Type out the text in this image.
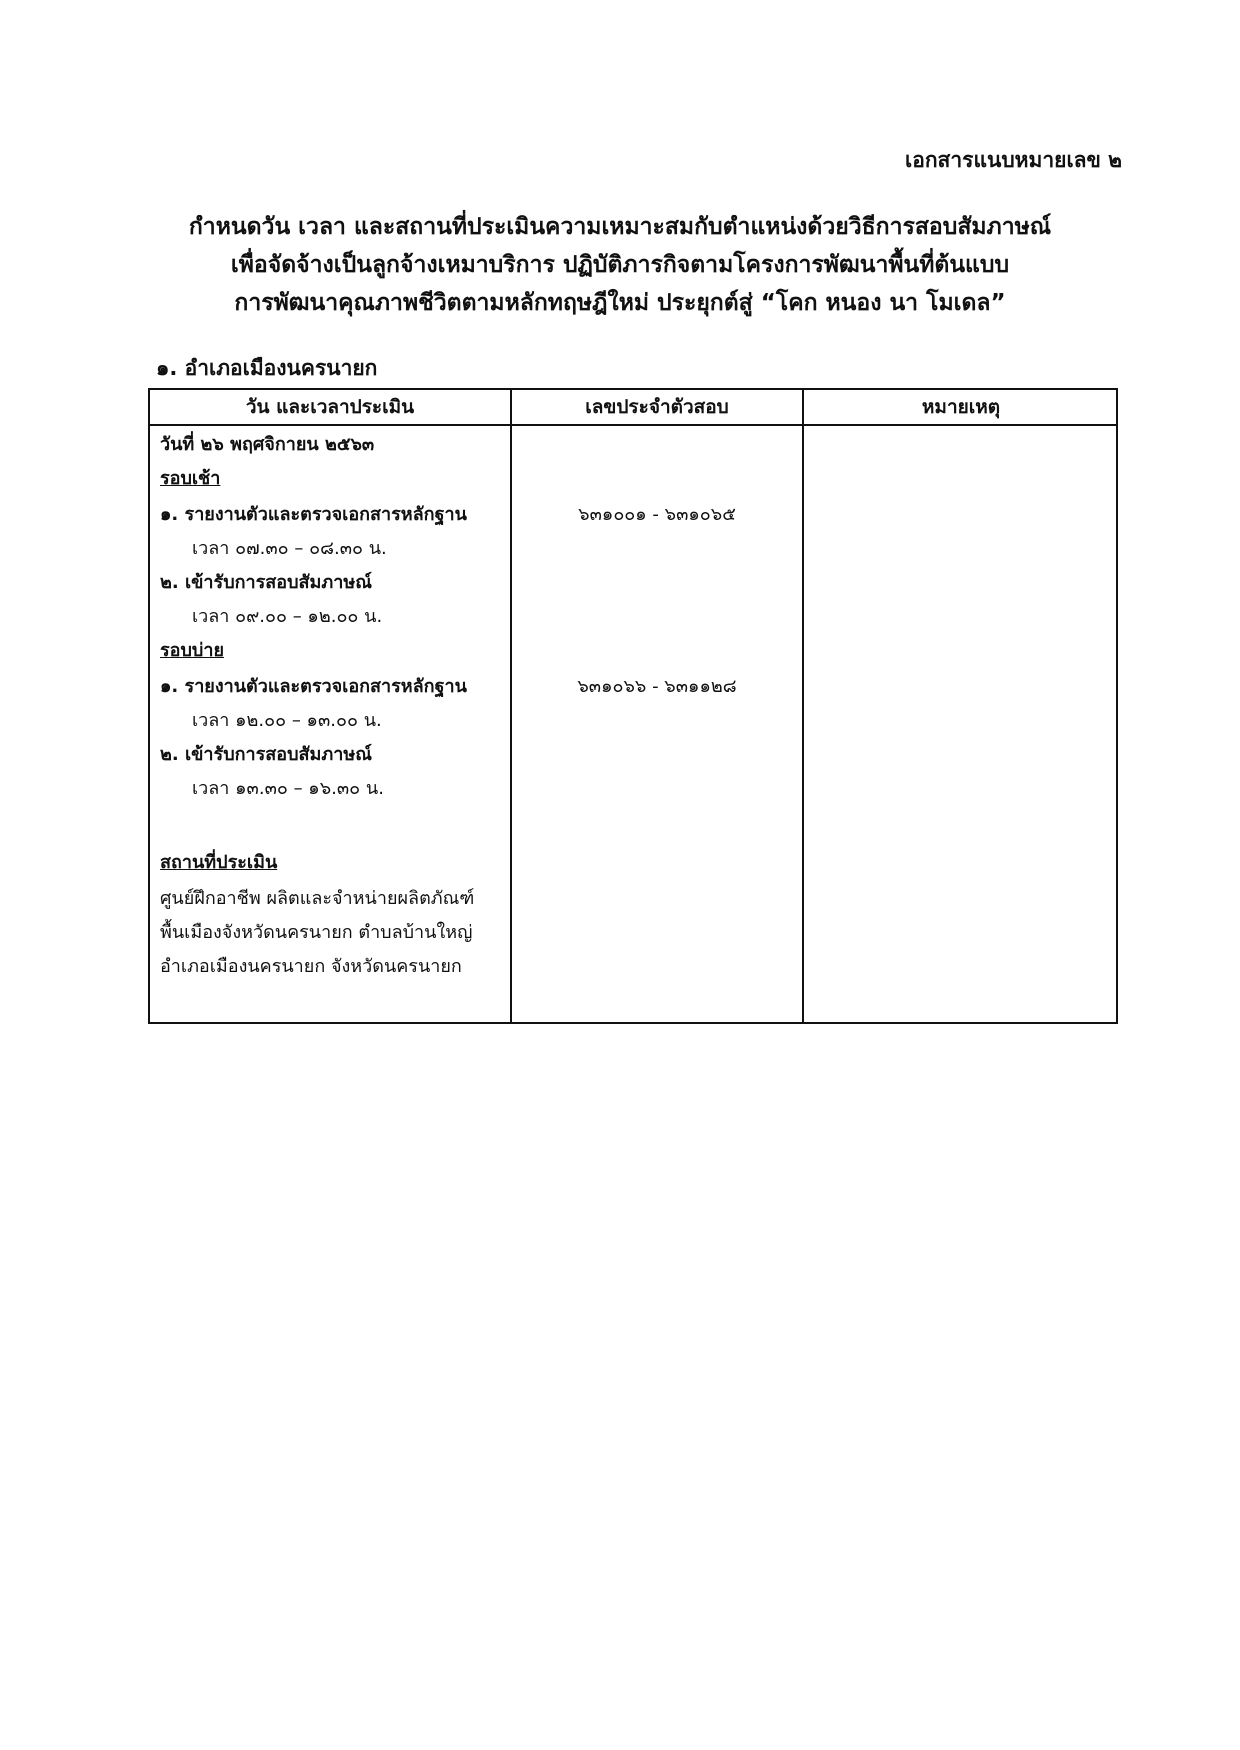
เอกสารแนบหมายเลข ๒
กำหนดวัน เวลา และสถานที่ประเมินความเหมาะสมกับตำแหน่งด้วยวิธีการสอบสัมภาษณ์
เพื่อจัดจ้างเป็นลูกจ้างเหมาบริการ ปฏิบัติภารกิจตามโครงการพัฒนาพื้นที่ต้นแบบ
การพัฒนาคุณภาพชีวิตตามหลักทฤษฎีใหม่ ประยุกต์สู่ “โคก หนอง นา โมเดล”
๑. อำเภอเมืองนครนายก
วัน และเวลาประเมิน	เลขประจำตัวสอบ	หมายเหตุ
วันที่ ๒๖ พฤศจิกายน ๒๕๖๓
รอบเช้า
๑. รายงานตัวและตรวจเอกสารหลักฐาน
เวลา ๐๗.๓๐ – ๐๘.๓๐ น.
๒. เข้ารับการสอบสัมภาษณ์
เวลา ๐๙.๐๐ – ๑๒.๐๐ น.
รอบบ่าย
๑. รายงานตัวและตรวจเอกสารหลักฐาน
เวลา ๑๒.๐๐ – ๑๓.๐๐ น.
๒. เข้ารับการสอบสัมภาษณ์
เวลา ๑๓.๓๐ – ๑๖.๓๐ น.
สถานที่ประเมิน
ศูนย์ฝึกอาชีพ ผลิตและจำหน่ายผลิตภัณฑ์
พื้นเมืองจังหวัดนครนายก ตำบลบ้านใหญ่
อำเภอเมืองนครนายก จังหวัดนครนายก
๖๓๑๐๐๑ - ๖๓๑๐๖๕
๖๓๑๐๖๖ - ๖๓๑๑๒๘
